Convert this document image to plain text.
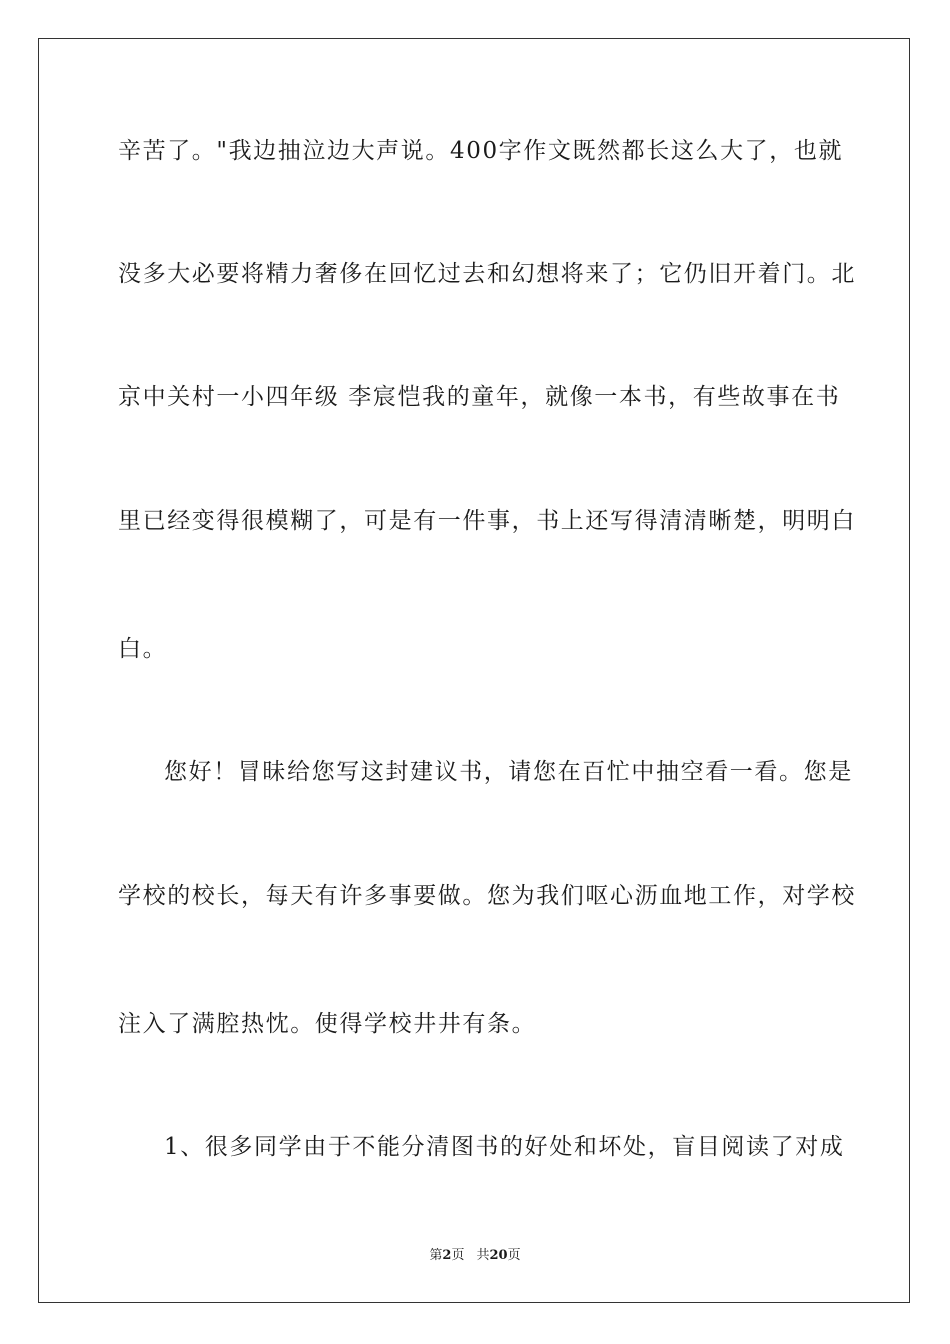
辛苦了。"我边抽泣边大声说。400字作文既然都长这么大了，也就
没多大必要将精力奢侈在回忆过去和幻想将来了；它仍旧开着门。北
京中关村一小四年级 李宸恺我的童年，就像一本书，有些故事在书
里已经变得很模糊了，可是有一件事，书上还写得清清晰楚，明明白
白。
您好！冒昧给您写这封建议书，请您在百忙中抽空看一看。您是
学校的校长，每天有许多事要做。您为我们呕心沥血地工作，对学校
注入了满腔热忱。使得学校井井有条。
1、很多同学由于不能分清图书的好处和坏处，盲目阅读了对成
第2页 共20页
